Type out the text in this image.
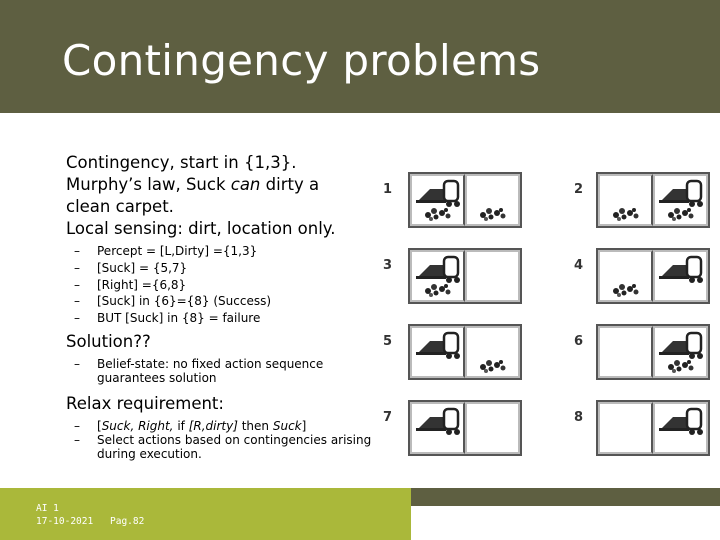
Contingency problems
Contingency, start in {1,3}.
Murphy’s law, Suck can dirty a
clean carpet.
Local sensing: dirt, location only.
–	Percept = [L,Dirty] ={1,3}
–	[Suck] = {5,7}
–	[Right] ={6,8}
–	[Suck] in {6}={8} (Success)
–	BUT [Suck] in {8} = failure
Solution??
–	Belief-state: no fixed action sequence guarantees solution
Relax requirement:
–	[Suck, Right, if [R,dirty] then Suck]
–	Select actions based on contingencies arising during execution.
1	2
3	4
5	6
7	8
AI 1
17-10-2021 Pag.82
